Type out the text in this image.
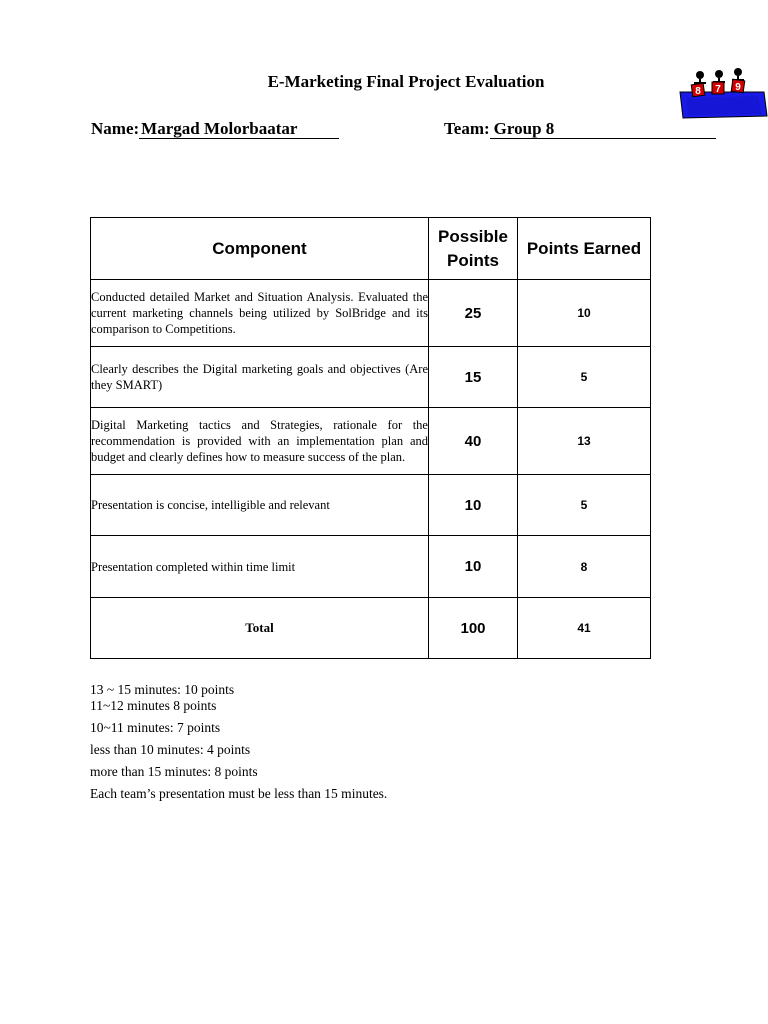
E-Marketing Final Project Evaluation
Name: Margad Molorbaatar	Team: Group 8
8 7 9
Component	Possible Points	Points Earned
Conducted detailed Market and Situation Analysis. Evaluated the current marketing channels being utilized by SolBridge and its comparison to Competitions.	25	10
Clearly describes the Digital marketing goals and objectives (Are they SMART)	15	5
Digital Marketing tactics and Strategies, rationale for the recommendation is provided with an implementation plan and budget and clearly defines how to measure success of the plan.	40	13
Presentation is concise, intelligible and relevant	10	5
Presentation completed within time limit	10	8
Total	100	41
13 ~ 15 minutes: 10 points
11~12 minutes 8 points
10~11 minutes: 7 points
less than 10 minutes: 4 points
more than 15 minutes: 8 points
Each team’s presentation must be less than 15 minutes.
